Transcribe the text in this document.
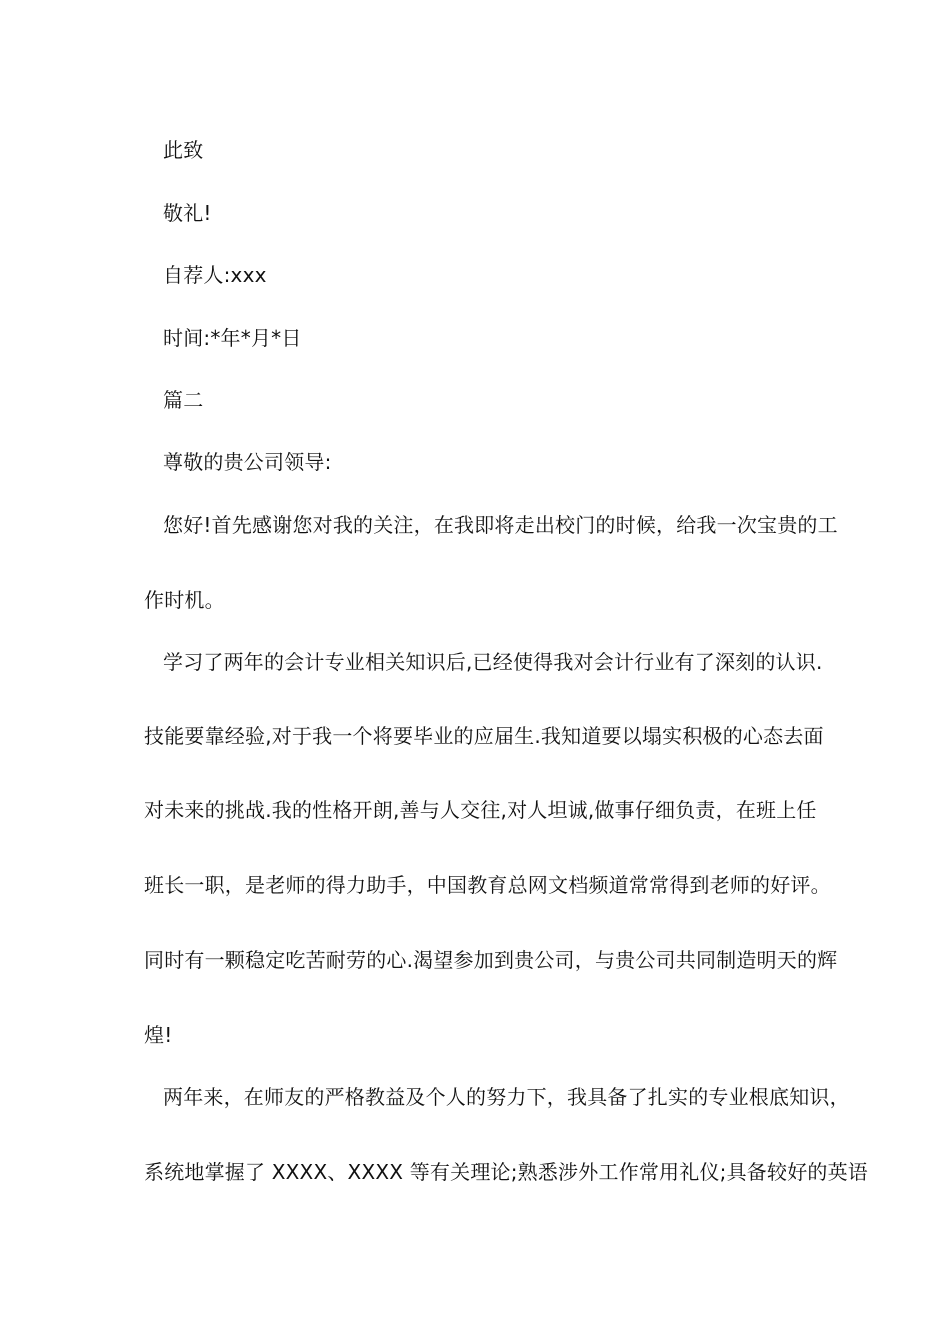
此致
敬礼!
自荐人:xxx
时间:*年*月*日
篇二
尊敬的贵公司领导:
您好!首先感谢您对我的关注，在我即将走出校门的时候，给我一次宝贵的工
作时机。
学习了两年的会计专业相关知识后,已经使得我对会计行业有了深刻的认识.
技能要靠经验,对于我一个将要毕业的应届生.我知道要以塌实积极的心态去面
对未来的挑战.我的性格开朗,善与人交往,对人坦诚,做事仔细负责，在班上任
班长一职，是老师的得力助手，中国教育总网文档频道常常得到老师的好评。
同时有一颗稳定吃苦耐劳的心.渴望参加到贵公司，与贵公司共同制造明天的辉
煌!
两年来，在师友的严格教益及个人的努力下，我具备了扎实的专业根底知识，
系统地掌握了 XXXX、XXXX 等有关理论;熟悉涉外工作常用礼仪;具备较好的英语
